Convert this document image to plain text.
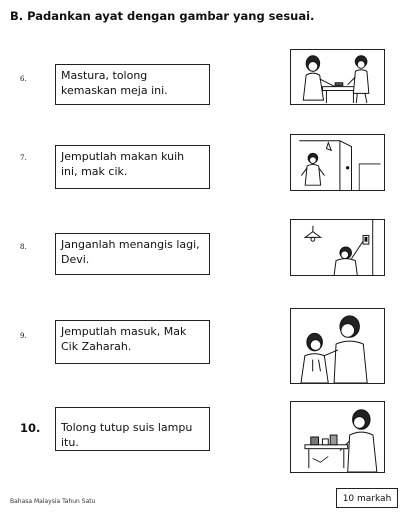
B. Padankan ayat dengan gambar yang sesuai.
6.	Mastura, tolong kemaskan meja ini.
7.	Jemputlah makan kuih ini, mak cik.
8.	Janganlah menangis lagi, Devi.
9.	Jemputlah masuk, Mak Cik Zaharah.
10.	Tolong tutup suis lampu itu.
Bahasa Malaysia Tahun Satu	10 markah
